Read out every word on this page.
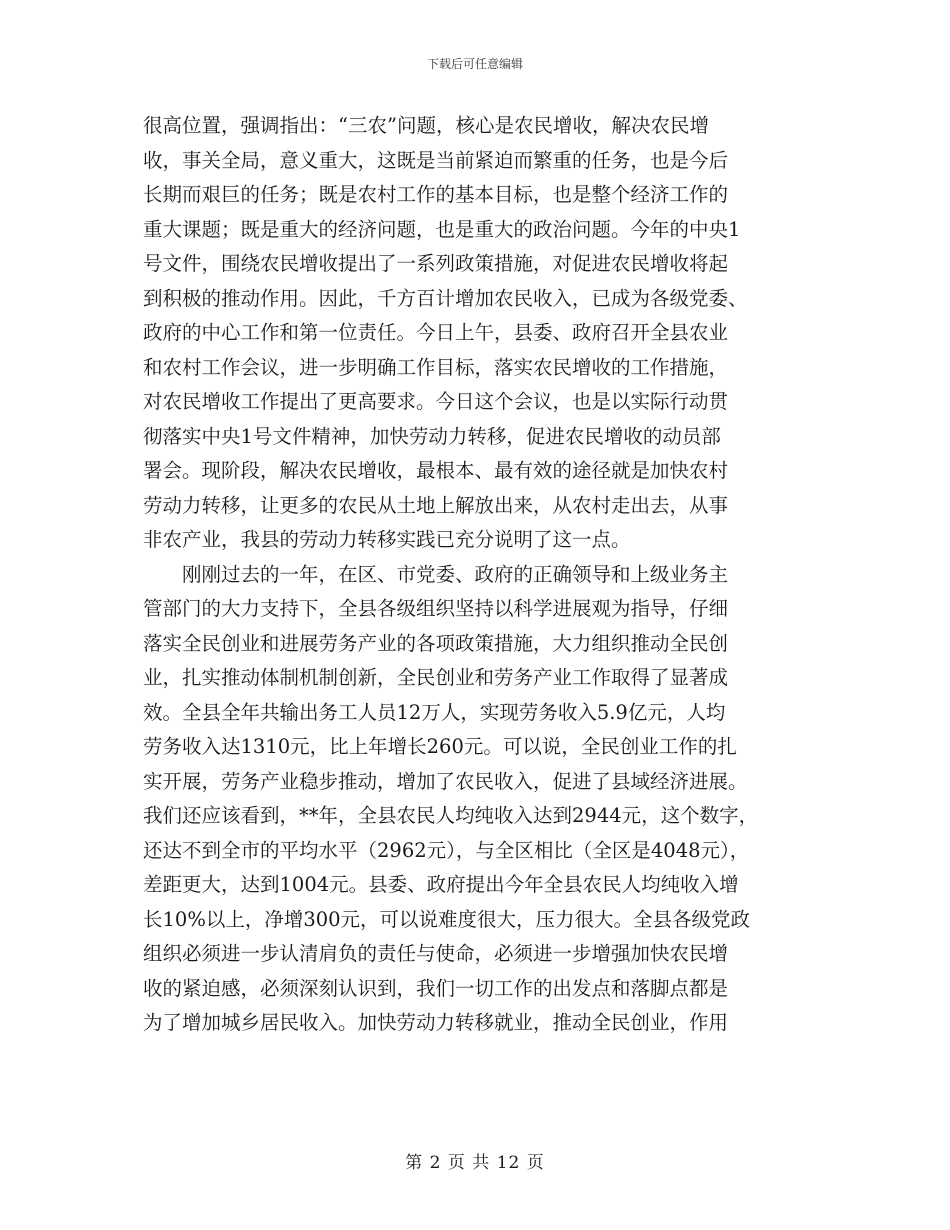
下载后可任意编辑
很高位置，强调指出：“三农”问题，核心是农民增收，解决农民增
收，事关全局，意义重大，这既是当前紧迫而繁重的任务，也是今后
长期而艰巨的任务；既是农村工作的基本目标，也是整个经济工作的
重大课题；既是重大的经济问题，也是重大的政治问题。今年的中央1
号文件，围绕农民增收提出了一系列政策措施，对促进农民增收将起
到积极的推动作用。因此，千方百计增加农民收入，已成为各级党委、
政府的中心工作和第一位责任。今日上午，县委、政府召开全县农业
和农村工作会议，进一步明确工作目标，落实农民增收的工作措施，
对农民增收工作提出了更高要求。今日这个会议，也是以实际行动贯
彻落实中央1号文件精神，加快劳动力转移，促进农民增收的动员部
署会。现阶段，解决农民增收，最根本、最有效的途径就是加快农村
劳动力转移，让更多的农民从土地上解放出来，从农村走出去，从事
非农产业，我县的劳动力转移实践已充分说明了这一点。
刚刚过去的一年，在区、市党委、政府的正确领导和上级业务主
管部门的大力支持下，全县各级组织坚持以科学进展观为指导，仔细
落实全民创业和进展劳务产业的各项政策措施，大力组织推动全民创
业，扎实推动体制机制创新，全民创业和劳务产业工作取得了显著成
效。全县全年共输出务工人员12万人，实现劳务收入5.9亿元，人均
劳务收入达1310元，比上年增长260元。可以说，全民创业工作的扎
实开展，劳务产业稳步推动，增加了农民收入，促进了县域经济进展。
我们还应该看到，**年，全县农民人均纯收入达到2944元，这个数字，
还达不到全市的平均水平（2962元），与全区相比（全区是4048元），
差距更大，达到1004元。县委、政府提出今年全县农民人均纯收入增
长10%以上，净增300元，可以说难度很大，压力很大。全县各级党政
组织必须进一步认清肩负的责任与使命，必须进一步增强加快农民增
收的紧迫感，必须深刻认识到，我们一切工作的出发点和落脚点都是
为了增加城乡居民收入。加快劳动力转移就业，推动全民创业，作用
第 2 页 共 12 页
